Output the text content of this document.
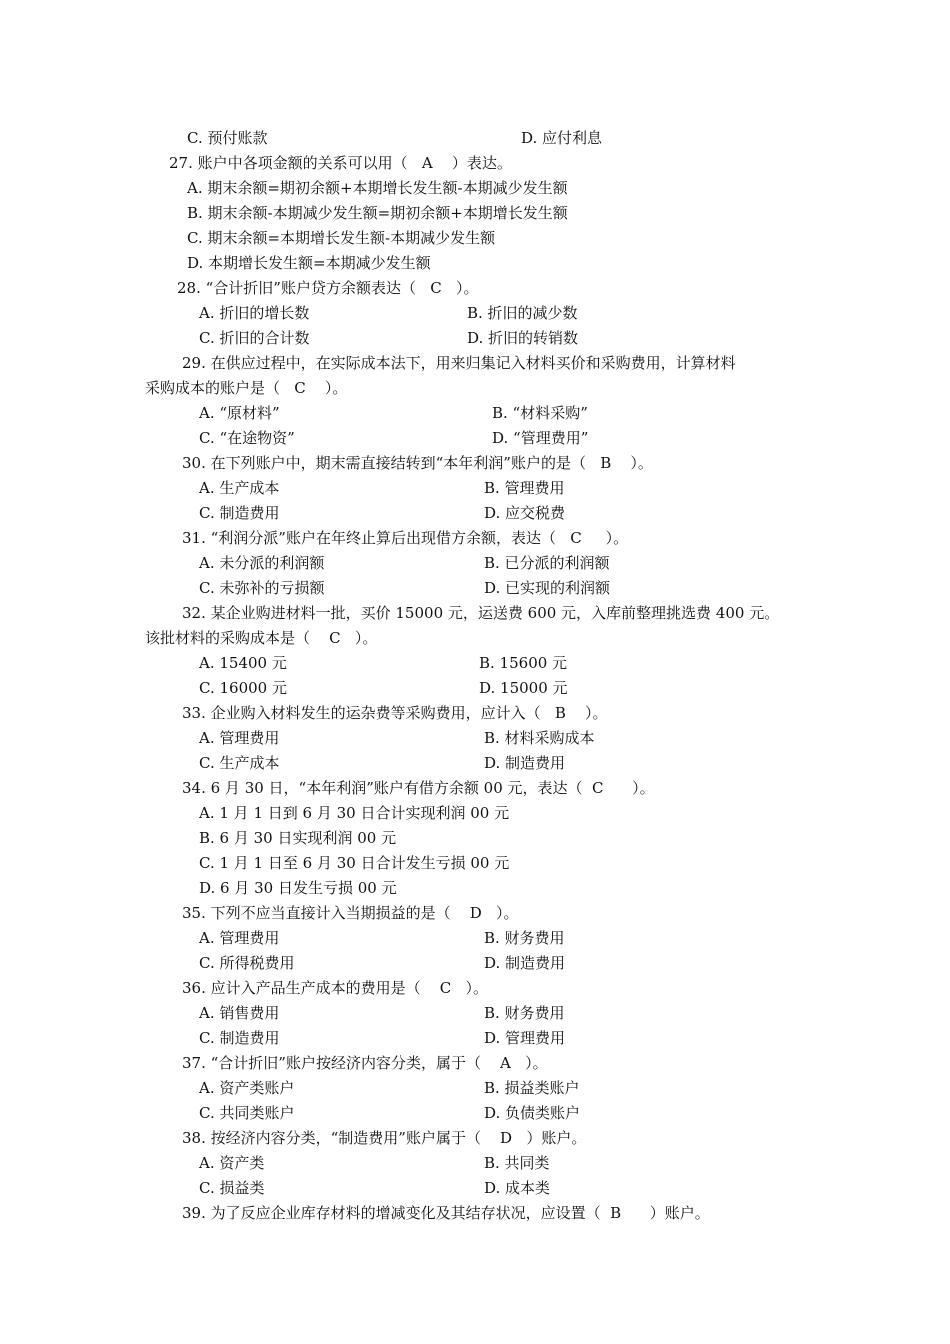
C. 预付账款	D. 应付利息
27. 账户中各项金额的关系可以用（   A    ）表达。
A. 期末余额=期初余额+本期增长发生额-本期减少发生额
B. 期末余额-本期减少发生额=期初余额+本期增长发生额
C. 期末余额=本期增长发生额-本期减少发生额
D. 本期增长发生额=本期减少发生额
28. “合计折旧”账户贷方余额表达（   C   ）。
A. 折旧的增长数	B. 折旧的减少数
C. 折旧的合计数	D. 折旧的转销数
29. 在供应过程中，在实际成本法下，用来归集记入材料买价和采购费用，计算材料
采购成本的账户是（   C    ）。
A. “原材料”	B. “材料采购”
C. “在途物资”	D. “管理费用”
30. 在下列账户中，期末需直接结转到“本年利润”账户的是（   B    ）。
A. 生产成本	B. 管理费用
C. 制造费用	D. 应交税费
31. “利润分派”账户在年终止算后出现借方余额，表达（   C     ）。
A. 未分派的利润额	B. 已分派的利润额
C. 未弥补的亏损额	D. 已实现的利润额
32. 某企业购进材料一批，买价 15000 元，运送费 600 元，入库前整理挑选费 400 元。
该批材料的采购成本是（    C   ）。
A. 15400 元	B. 15600 元
C. 16000 元	D. 15000 元
33. 企业购入材料发生的运杂费等采购费用，应计入（   B    ）。
A. 管理费用	B. 材料采购成本
C. 生产成本	D. 制造费用
34. 6 月 30 日，“本年利润”账户有借方余额 00 元，表达（  C      ）。
A. 1 月 1 日到 6 月 30 日合计实现利润 00 元
B. 6 月 30 日实现利润 00 元
C. 1 月 1 日至 6 月 30 日合计发生亏损 00 元
D. 6 月 30 日发生亏损 00 元
35. 下列不应当直接计入当期损益的是（    D   ）。
A. 管理费用	B. 财务费用
C. 所得税费用	D. 制造费用
36. 应计入产品生产成本的费用是（    C   ）。
A. 销售费用	B. 财务费用
C. 制造费用	D. 管理费用
37. “合计折旧”账户按经济内容分类，属于（    A   ）。
A. 资产类账户	B. 损益类账户
C. 共同类账户	D. 负债类账户
38. 按经济内容分类，“制造费用”账户属于（    D   ）账户。
A. 资产类	B. 共同类
C. 损益类	D. 成本类
39. 为了反应企业库存材料的增减变化及其结存状况，应设置（  B      ）账户。
